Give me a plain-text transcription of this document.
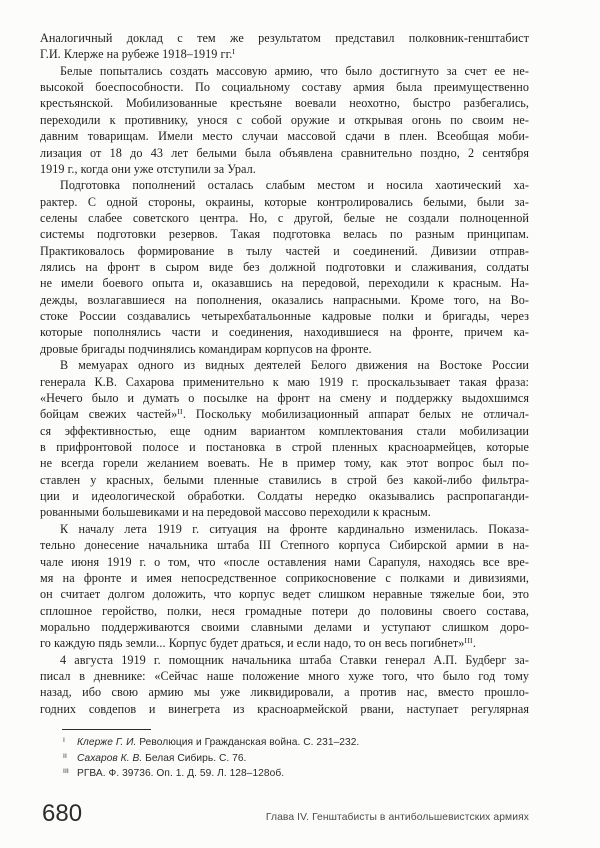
Аналогичный доклад с тем же результатом представил полковник-генштабист
Г.И. Клерже на рубеже 1918–1919 гг.$^I$
Белые попытались создать массовую армию, что было достигнуто за счет ее не-
высокой боеспособности. По социальному составу армия была преимущественно
крестьянской. Мобилизованные крестьяне воевали неохотно, быстро разбегались,
переходили к противнику, унося с собой оружие и открывая огонь по своим не-
давним товарищам. Имели место случаи массовой сдачи в плен. Всеобщая моби-
лизация от 18 до 43 лет белыми была объявлена сравнительно поздно, 2 сентября
1919 г., когда они уже отступили за Урал.
Подготовка пополнений осталась слабым местом и носила хаотический ха-
рактер. С одной стороны, окраины, которые контролировались белыми, были за-
селены слабее советского центра. Но, с другой, белые не создали полноценной
системы подготовки резервов. Такая подготовка велась по разным принципам.
Практиковалось формирование в тылу частей и соединений. Дивизии отправ-
лялись на фронт в сыром виде без должной подготовки и слаживания, солдаты
не имели боевого опыта и, оказавшись на передовой, переходили к красным. На-
дежды, возлагавшиеся на пополнения, оказались напрасными. Кроме того, на Во-
стоке России создавались четырехбатальонные кадровые полки и бригады, через
которые пополнялись части и соединения, находившиеся на фронте, причем ка-
дровые бригады подчинялись командирам корпусов на фронте.
В мемуарах одного из видных деятелей Белого движения на Востоке России
генерала К.В. Сахарова применительно к маю 1919 г. проскальзывает такая фраза:
«Нечего было и думать о посылке на фронт на смену и поддержку выдохшимся
бойцам свежих частей»$^{II}$. Поскольку мобилизационный аппарат белых не отличал-
ся эффективностью, еще одним вариантом комплектования стали мобилизации
в прифронтовой полосе и постановка в строй пленных красноармейцев, которые
не всегда горели желанием воевать. Не в пример тому, как этот вопрос был по-
ставлен у красных, белыми пленные ставились в строй без какой-либо фильтра-
ции и идеологической обработки. Солдаты нередко оказывались распропаганди-
рованными большевиками и на передовой массово переходили к красным.
К началу лета 1919 г. ситуация на фронте кардинально изменилась. Показа-
тельно донесение начальника штаба III Степного корпуса Сибирской армии в на-
чале июня 1919 г. о том, что «после оставления нами Сарапуля, находясь все вре-
мя на фронте и имея непосредственное соприкосновение с полками и дивизиями,
он считает долгом доложить, что корпус ведет слишком неравные тяжелые бои, это
сплошное геройство, полки, неся громадные потери до половины своего состава,
морально поддерживаются своими славными делами и уступают слишком доро-
го каждую пядь земли... Корпус будет драться, и если надо, то он весь погибнет»$^{III}$.
4 августа 1919 г. помощник начальника штаба Ставки генерал А.П. Будберг за-
писал в дневнике: «Сейчас наше положение много хуже того, что было год тому
назад, ибо свою армию мы уже ликвидировали, а против нас, вместо прошло-
годних совдепов и винегрета из красноармейской рвани, наступает регулярная
I Клерже Г. И. Революция и Гражданская война. С. 231–232.
II Сахаров К. В. Белая Сибирь. С. 76.
III РГВА. Ф. 39736. Оп. 1. Д. 59. Л. 128–128об.
680	Глава IV. Генштабисты в антибольшевистских армиях
